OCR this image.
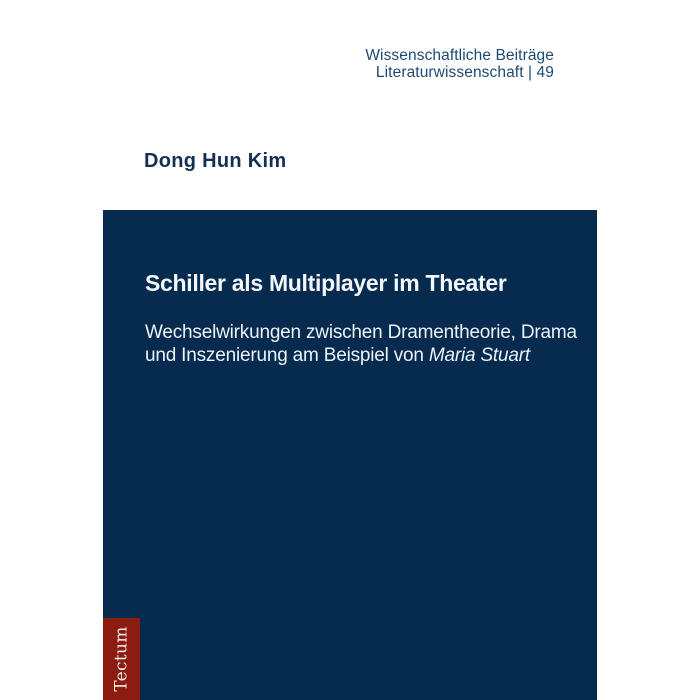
Wissenschaftliche Beiträge
Literaturwissenschaft | 49
Dong Hun Kim
Schiller als Multiplayer im Theater
Wechselwirkungen zwischen Dramentheorie, Drama
und Inszenierung am Beispiel von Maria Stuart
Tectum
